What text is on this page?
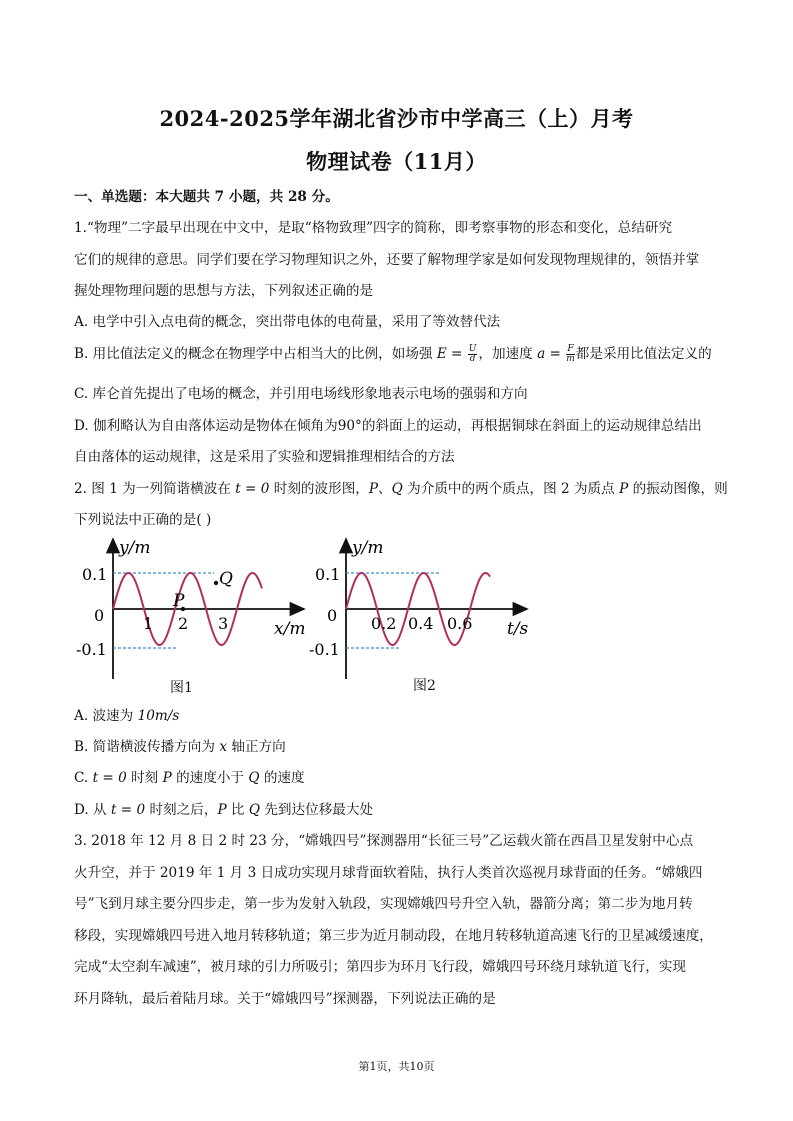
2024-2025学年湖北省沙市中学高三（上）月考
物理试卷（11月）
一、单选题：本大题共 7 小题，共 28 分。
1.“物理”二字最早出现在中文中，是取“格物致理”四字的简称，即考察事物的形态和变化，总结研究
它们的规律的意思。同学们要在学习物理知识之外，还要了解物理学家是如何发现物理规律的，领悟并掌
握处理物理问题的思想与方法，下列叙述正确的是
A. 电学中引入点电荷的概念，突出带电体的电荷量，采用了等效替代法
B. 用比值法定义的概念在物理学中占相当大的比例，如场强 $E = \frac{U}{d}$ ，加速度 $a = \frac{F}{m}$ 都是采用比值法定义的
C. 库仑首先提出了电场的概念，并引用电场线形象地表示电场的强弱和方向
D. 伽利略认为自由落体运动是物体在倾角为90°的斜面上的运动，再根据铜球在斜面上的运动规律总结出
自由落体的运动规律，这是采用了实验和逻辑推理相结合的方法
2. 图 1 为一列简谐横波在 t = 0 时刻的波形图，P、Q 为介质中的两个质点，图 2 为质点 P 的振动图像，则
下列说法中正确的是( )
y/m
x/m
0.1
0
-0.1
1 2 3
P
Q
图1
y/m
t/s
0.1
0
-0.1
0.2 0.4 0.6
图2
A. 波速为 10m/s
B. 简谐横波传播方向为 x 轴正方向
C. t = 0 时刻 P 的速度小于 Q 的速度
D. 从 t = 0 时刻之后，P 比 Q 先到达位移最大处
3. 2018 年 12 月 8 日 2 时 23 分，“嫦娥四号”探测器用“长征三号”乙运载火箭在西昌卫星发射中心点
火升空，并于 2019 年 1 月 3 日成功实现月球背面软着陆，执行人类首次巡视月球背面的任务。“嫦娥四
号”飞到月球主要分四步走，第一步为发射入轨段，实现嫦娥四号升空入轨，器箭分离；第二步为地月转
移段，实现嫦娥四号进入地月转移轨道；第三步为近月制动段，在地月转移轨道高速飞行的卫星减缓速度，
完成“太空刹车减速”，被月球的引力所吸引；第四步为环月飞行段，嫦娥四号环绕月球轨道飞行，实现
环月降轨，最后着陆月球。关于“嫦娥四号”探测器，下列说法正确的是
第1页，共10页
